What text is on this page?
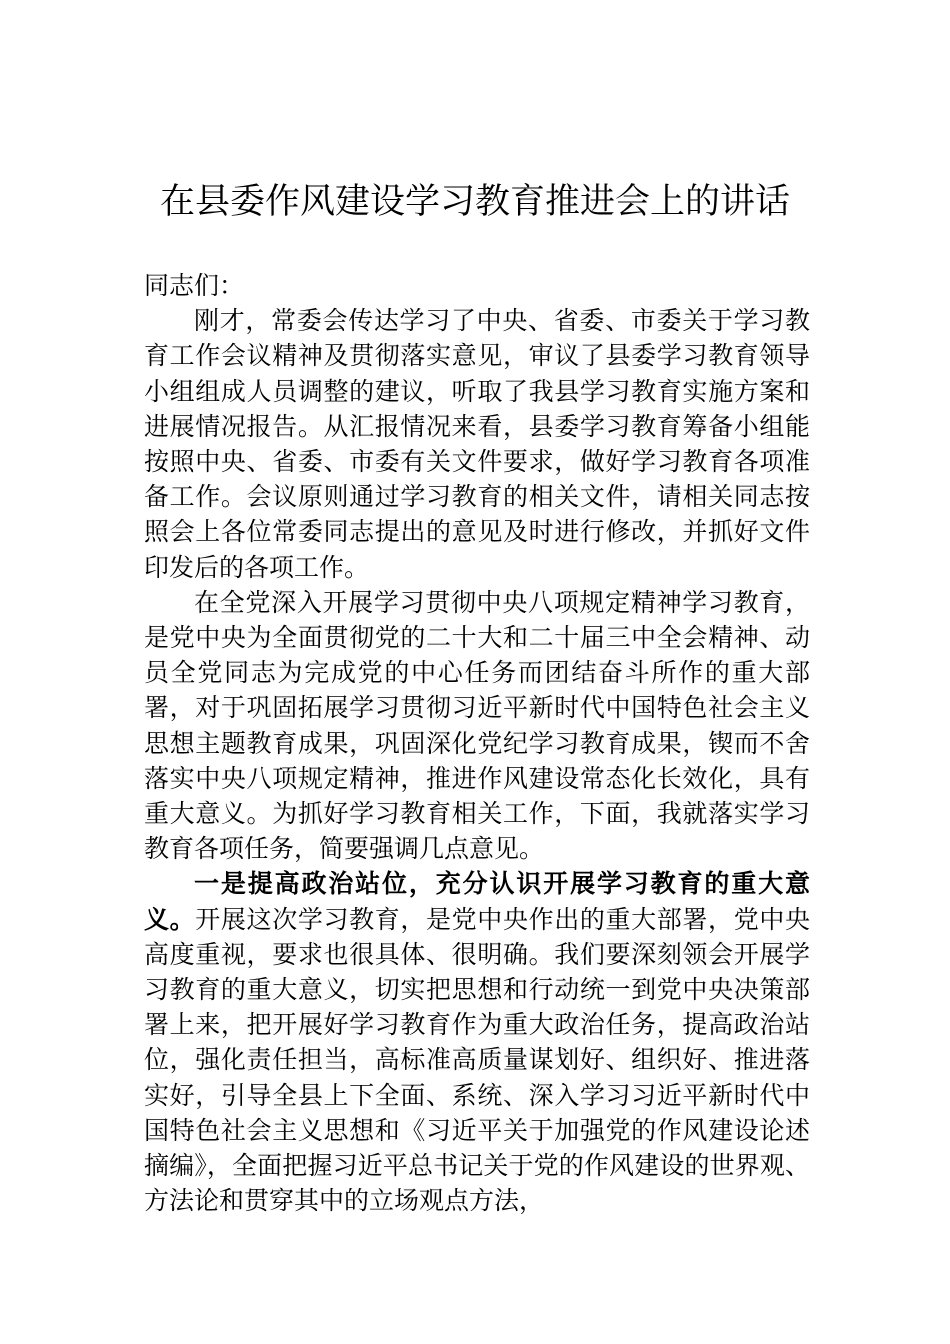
在县委作风建设学习教育推进会上的讲话

同志们：

刚才，常委会传达学习了中央、省委、市委关于学习教育工作会议精神及贯彻落实意见，审议了县委学习教育领导小组组成人员调整的建议，听取了我县学习教育实施方案和进展情况报告。从汇报情况来看，县委学习教育筹备小组能按照中央、省委、市委有关文件要求，做好学习教育各项准备工作。会议原则通过学习教育的相关文件，请相关同志按照会上各位常委同志提出的意见及时进行修改，并抓好文件印发后的各项工作。

在全党深入开展学习贯彻中央八项规定精神学习教育，是党中央为全面贯彻党的二十大和二十届三中全会精神、动员全党同志为完成党的中心任务而团结奋斗所作的重大部署，对于巩固拓展学习贯彻习近平新时代中国特色社会主义思想主题教育成果，巩固深化党纪学习教育成果，锲而不舍落实中央八项规定精神，推进作风建设常态化长效化，具有重大意义。为抓好学习教育相关工作，下面，我就落实学习教育各项任务，简要强调几点意见。

一是提高政治站位，充分认识开展学习教育的重大意义。开展这次学习教育，是党中央作出的重大部署，党中央高度重视，要求也很具体、很明确。我们要深刻领会开展学习教育的重大意义，切实把思想和行动统一到党中央决策部署上来，把开展好学习教育作为重大政治任务，提高政治站位，强化责任担当，高标准高质量谋划好、组织好、推进落实好，引导全县上下全面、系统、深入学习习近平新时代中国特色社会主义思想和《习近平关于加强党的作风建设论述摘编》，全面把握习近平总书记关于党的作风建设的世界观、方法论和贯穿其中的立场观点方法，
